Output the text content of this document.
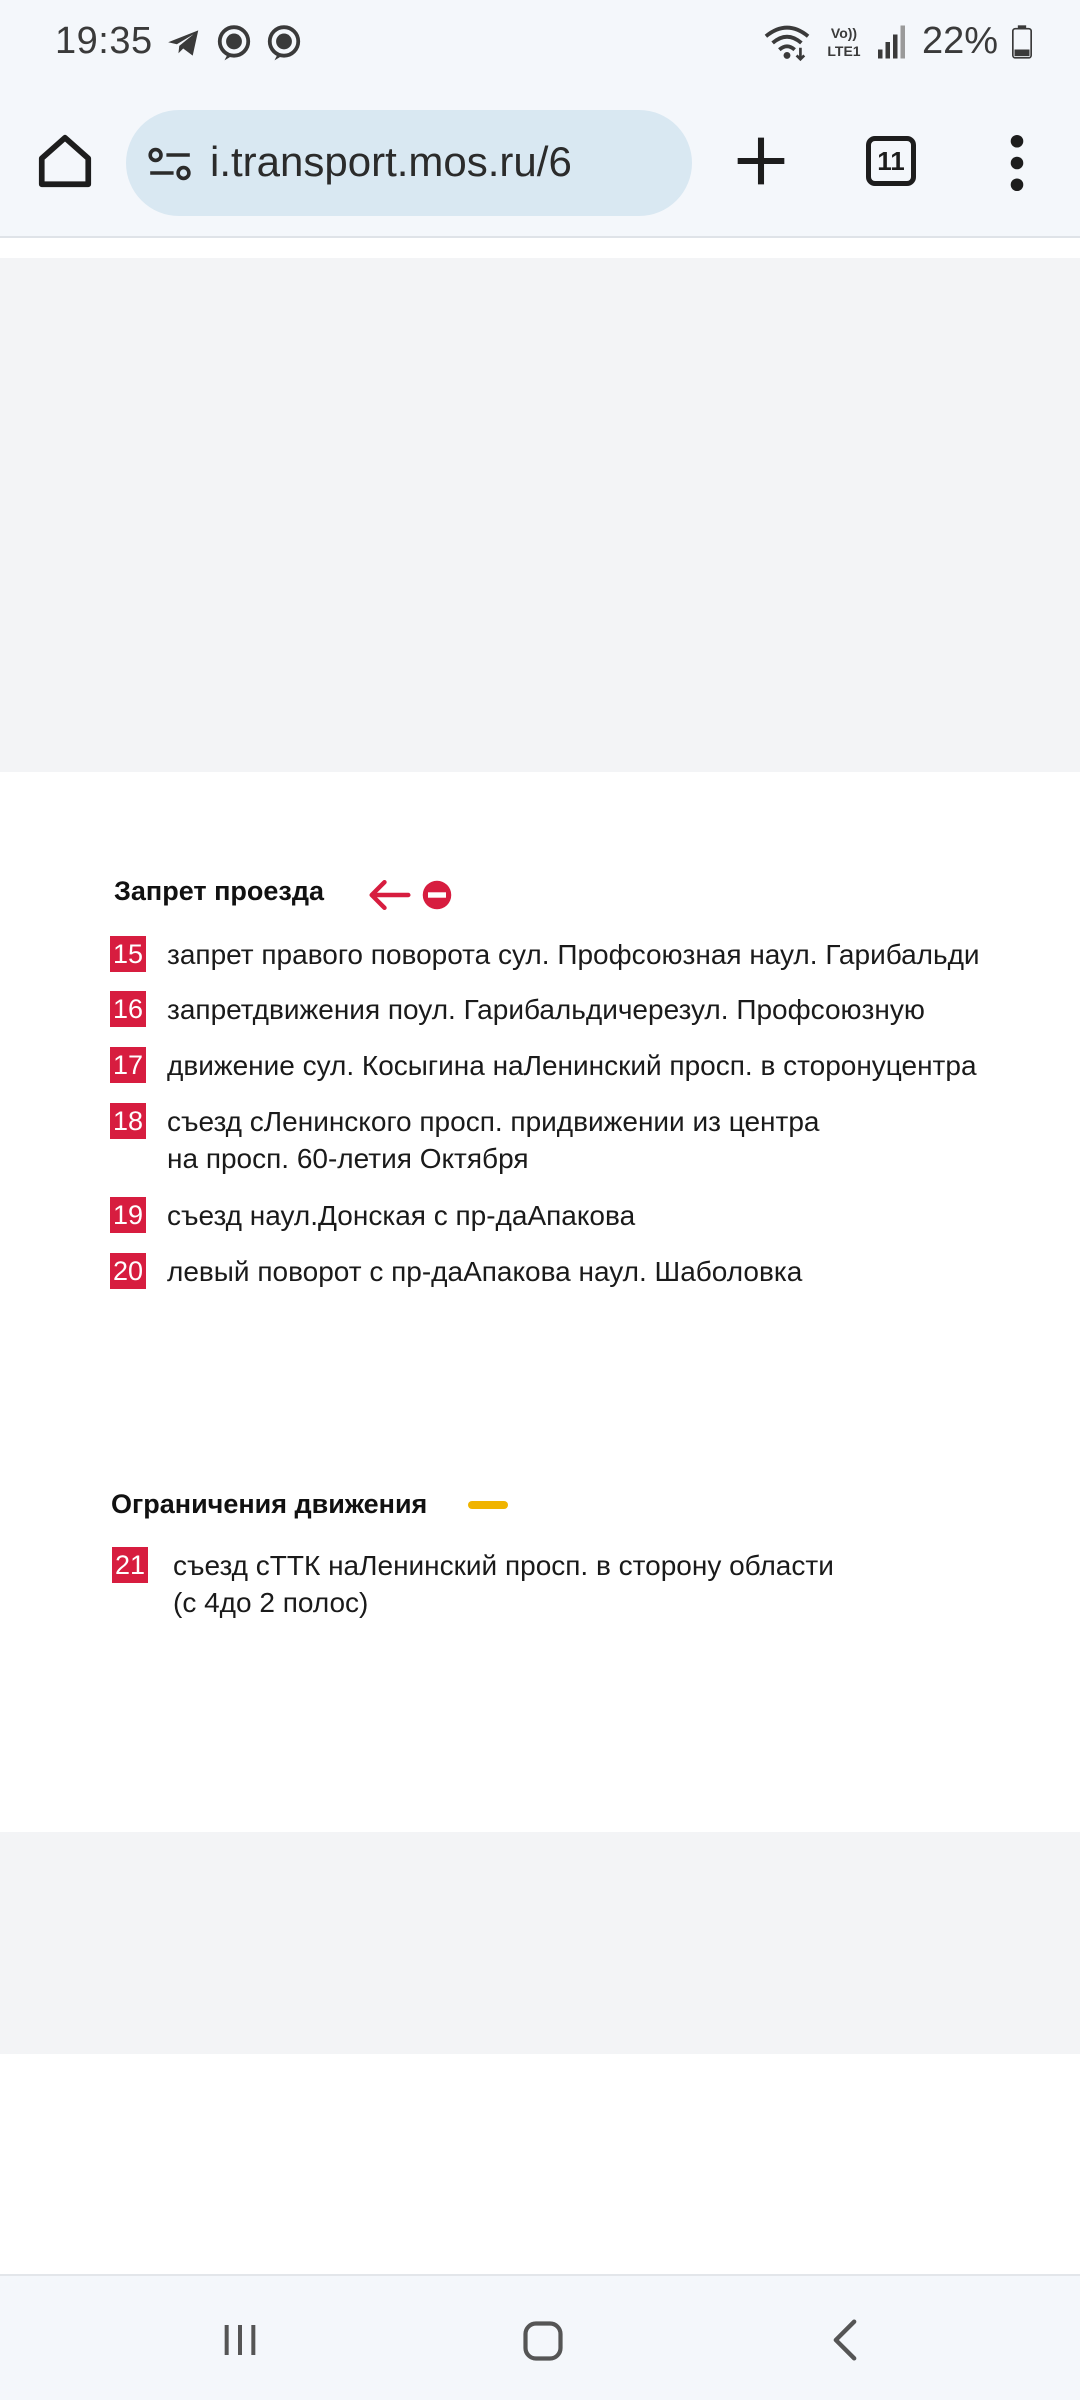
19:35	Vo))
LTE1 22%
i.transport.mos.ru/6	11
Запрет проезда
15 запрет правого поворота сул. Профсоюзная наул. Гарибальди
16 запретдвижения поул. Гарибальдичерезул. Профсоюзную
17 движение сул. Косыгина наЛенинский просп. в сторонуцентра
18 съезд сЛенинского просп. придвижении из центра
на просп. 60-летия Октября
19 съезд наул.Донская с пр-даАпакова
20 левый поворот с пр-даАпакова наул. Шаболовка
Ограничения движения
21 съезд сТТК наЛенинский просп. в сторону области
(с 4до 2 полос)
